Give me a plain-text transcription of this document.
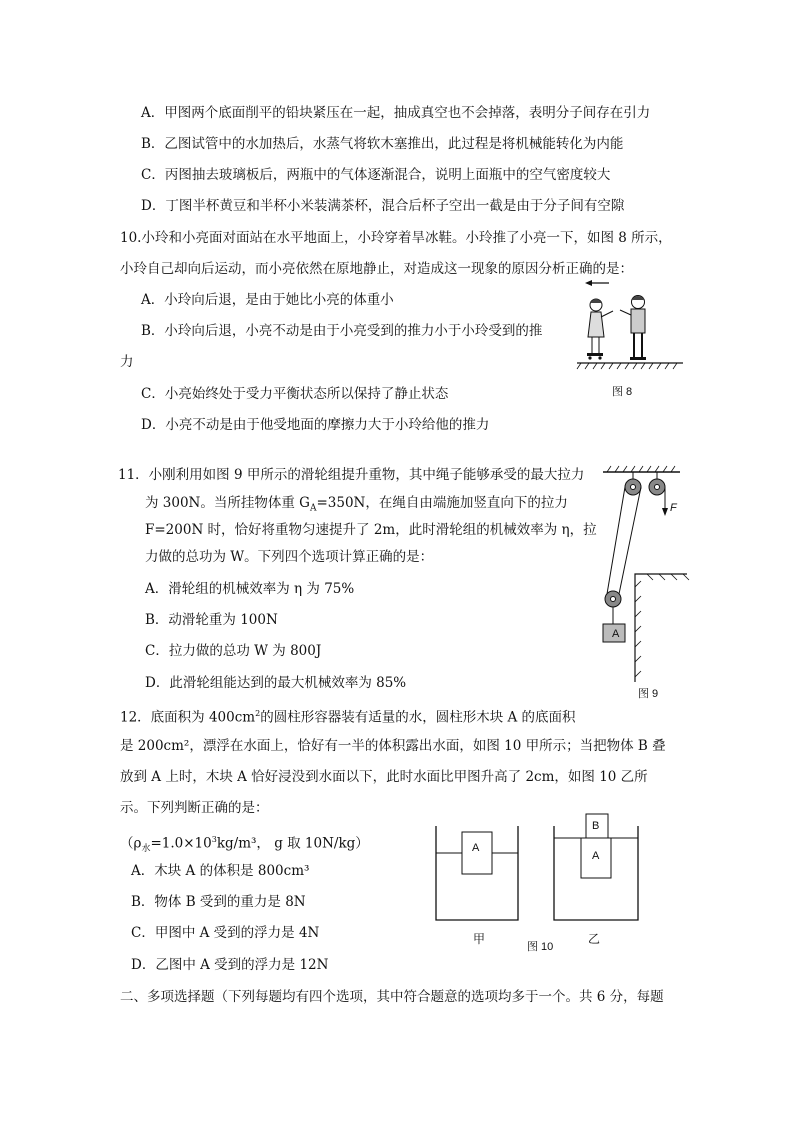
A．甲图两个底面削平的铅块紧压在一起，抽成真空也不会掉落，表明分子间存在引力
B．乙图试管中的水加热后，水蒸气将软木塞推出，此过程是将机械能转化为内能
C．丙图抽去玻璃板后，两瓶中的气体逐渐混合，说明上面瓶中的空气密度较大
D．丁图半杯黄豆和半杯小米装满茶杯，混合后杯子空出一截是由于分子间有空隙
10.小玲和小亮面对面站在水平地面上，小玲穿着旱冰鞋。小玲推了小亮一下，如图 8 所示，
小玲自己却向后运动，而小亮依然在原地静止，对造成这一现象的原因分析正确的是：
A．小玲向后退，是由于她比小亮的体重小
B．小玲向后退，小亮不动是由于小亮受到的推力小于小玲受到的推
力
C．小亮始终处于受力平衡状态所以保持了静止状态
D．小亮不动是由于他受地面的摩擦力大于小玲给他的推力
图 8
11．小刚利用如图 9 甲所示的滑轮组提升重物，其中绳子能够承受的最大拉力
为 300N。当所挂物体重 $G_A=350N$，在绳自由端施加竖直向下的拉力
F=200N 时，恰好将重物匀速提升了 2m，此时滑轮组的机械效率为 η，拉
力做的总功为 W。下列四个选项计算正确的是：
A．滑轮组的机械效率为 η 为 75%
B．动滑轮重为 100N
C．拉力做的总功 W 为 800J
D．此滑轮组能达到的最大机械效率为 85%
F
A
图 9
12．底面积为 $400cm^2$的圆柱形容器装有适量的水，圆柱形木块 A 的底面积
是 200cm²，漂浮在水面上，恰好有一半的体积露出水面，如图 10 甲所示；当把物体 B 叠
放到 A 上时，木块 A 恰好浸没到水面以下，此时水面比甲图升高了 2cm，如图 10 乙所
示。下列判断正确的是：
（$\rho_水=1.0\times 10^3kg/m^3$， g 取 10N/kg）
A．木块 A 的体积是 800cm³
B．物体 B 受到的重力是 8N
C．甲图中 A 受到的浮力是 4N
D．乙图中 A 受到的浮力是 12N
A
A
B
甲
图 10
乙
二、多项选择题（下列每题均有四个选项，其中符合题意的选项均多于一个。共 6 分，每题
